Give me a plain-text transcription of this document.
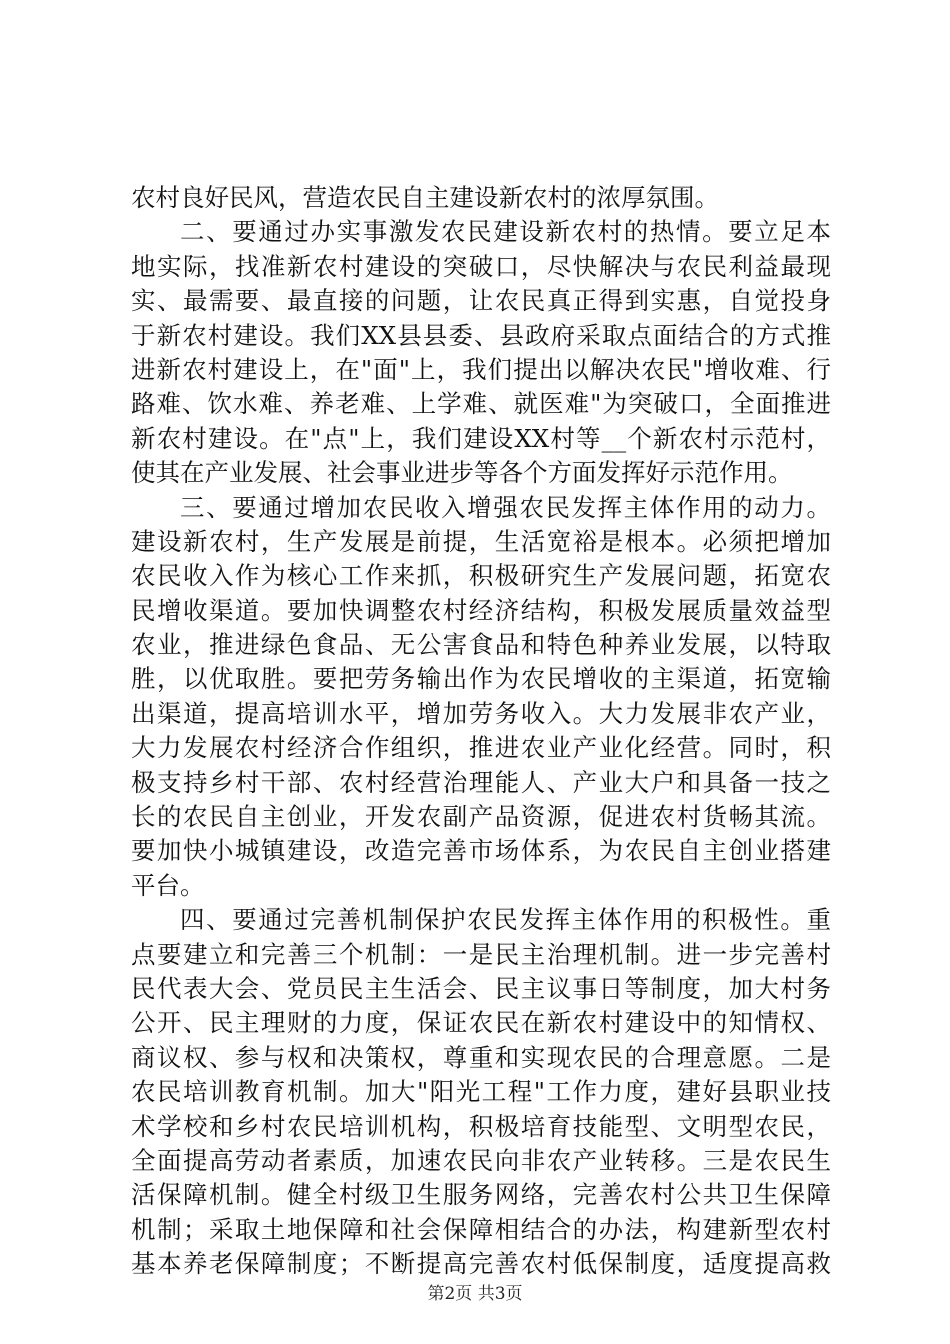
农村良好民风，营造农民自主建设新农村的浓厚氛围。
二、要通过办实事激发农民建设新农村的热情。要立足本
地实际，找准新农村建设的突破口，尽快解决与农民利益最现
实、最需要、最直接的问题，让农民真正得到实惠，自觉投身
于新农村建设。我们XX县县委、县政府采取点面结合的方式推
进新农村建设上，在"面"上，我们提出以解决农民"增收难、行
路难、饮水难、养老难、上学难、就医难"为突破口，全面推进
新农村建设。在"点"上，我们建设XX村等__个新农村示范村，
使其在产业发展、社会事业进步等各个方面发挥好示范作用。
三、要通过增加农民收入增强农民发挥主体作用的动力。
建设新农村，生产发展是前提，生活宽裕是根本。必须把增加
农民收入作为核心工作来抓，积极研究生产发展问题，拓宽农
民增收渠道。要加快调整农村经济结构，积极发展质量效益型
农业，推进绿色食品、无公害食品和特色种养业发展，以特取
胜，以优取胜。要把劳务输出作为农民增收的主渠道，拓宽输
出渠道，提高培训水平，增加劳务收入。大力发展非农产业，
大力发展农村经济合作组织，推进农业产业化经营。同时，积
极支持乡村干部、农村经营治理能人、产业大户和具备一技之
长的农民自主创业，开发农副产品资源，促进农村货畅其流。
要加快小城镇建设，改造完善市场体系，为农民自主创业搭建
平台。
四、要通过完善机制保护农民发挥主体作用的积极性。重
点要建立和完善三个机制：一是民主治理机制。进一步完善村
民代表大会、党员民主生活会、民主议事日等制度，加大村务
公开、民主理财的力度，保证农民在新农村建设中的知情权、
商议权、参与权和决策权，尊重和实现农民的合理意愿。二是
农民培训教育机制。加大"阳光工程"工作力度，建好县职业技
术学校和乡村农民培训机构，积极培育技能型、文明型农民，
全面提高劳动者素质，加速农民向非农产业转移。三是农民生
活保障机制。健全村级卫生服务网络，完善农村公共卫生保障
机制；采取土地保障和社会保障相结合的办法，构建新型农村
基本养老保障制度；不断提高完善农村低保制度，适度提高救
第2页 共3页
